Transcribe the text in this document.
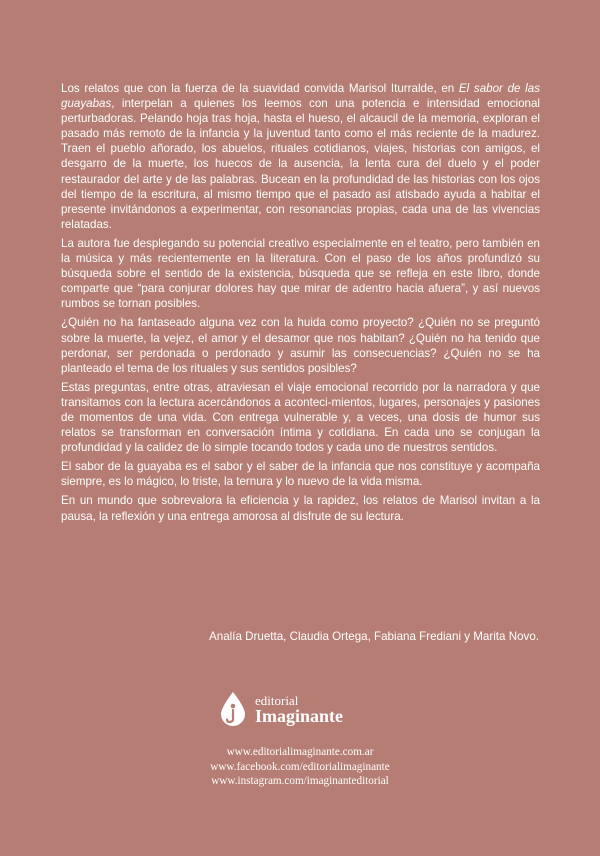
Los relatos que con la fuerza de la suavidad convida Marisol Iturralde, en El sabor de las guayabas, interpelan a quienes los leemos con una potencia e intensidad emocional perturbadoras. Pelando hoja tras hoja, hasta el hueso, el alcaucil de la memoria, exploran el pasado más remoto de la infancia y la juventud tanto como el más reciente de la madurez. Traen el pueblo añorado, los abuelos, rituales cotidianos, viajes, historias con amigos, el desgarro de la muerte, los huecos de la ausencia, la lenta cura del duelo y el poder restaurador del arte y de las palabras. Bucean en la profundidad de las historias con los ojos del tiempo de la escritura, al mismo tiempo que el pasado así atisbado ayuda a habitar el presente invitándonos a experimentar, con resonancias propias, cada una de las vivencias relatadas.

La autora fue desplegando su potencial creativo especialmente en el teatro, pero también en la música y más recientemente en la literatura. Con el paso de los años profundizó su búsqueda sobre el sentido de la existencia, búsqueda que se refleja en este libro, donde comparte que “para conjurar dolores hay que mirar de adentro hacia afuera”, y así nuevos rumbos se tornan posibles.

¿Quién no ha fantaseado alguna vez con la huida como proyecto? ¿Quién no se preguntó sobre la muerte, la vejez, el amor y el desamor que nos habitan? ¿Quién no ha tenido que perdonar, ser perdonada o perdonado y asumir las consecuencias? ¿Quién no se ha planteado el tema de los rituales y sus sentidos posibles?

Estas preguntas, entre otras, atraviesan el viaje emocional recorrido por la narradora y que transitamos con la lectura acercándonos a aconteci-mientos, lugares, personajes y pasiones de momentos de una vida. Con entrega vulnerable y, a veces, una dosis de humor sus relatos se transforman en conversación íntima y cotidiana. En cada uno se conjugan la profundidad y la calidez de lo simple tocando todos y cada uno de nuestros sentidos.

El sabor de la guayaba es el sabor y el saber de la infancia que nos constituye y acompaña siempre, es lo mágico, lo triste, la ternura y lo nuevo de la vida misma.

En un mundo que sobrevalora la eficiencia y la rapidez, los relatos de Marisol invitan a la pausa, la reflexión y una entrega amorosa al disfrute de su lectura.

Analía Druetta, Claudia Ortega, Fabiana Frediani y Marita Novo.
editorial
Imaginante
www.editorialimaginante.com.ar
www.facebook.com/editorialimaginante
www.instagram.com/imaginanteditorial
